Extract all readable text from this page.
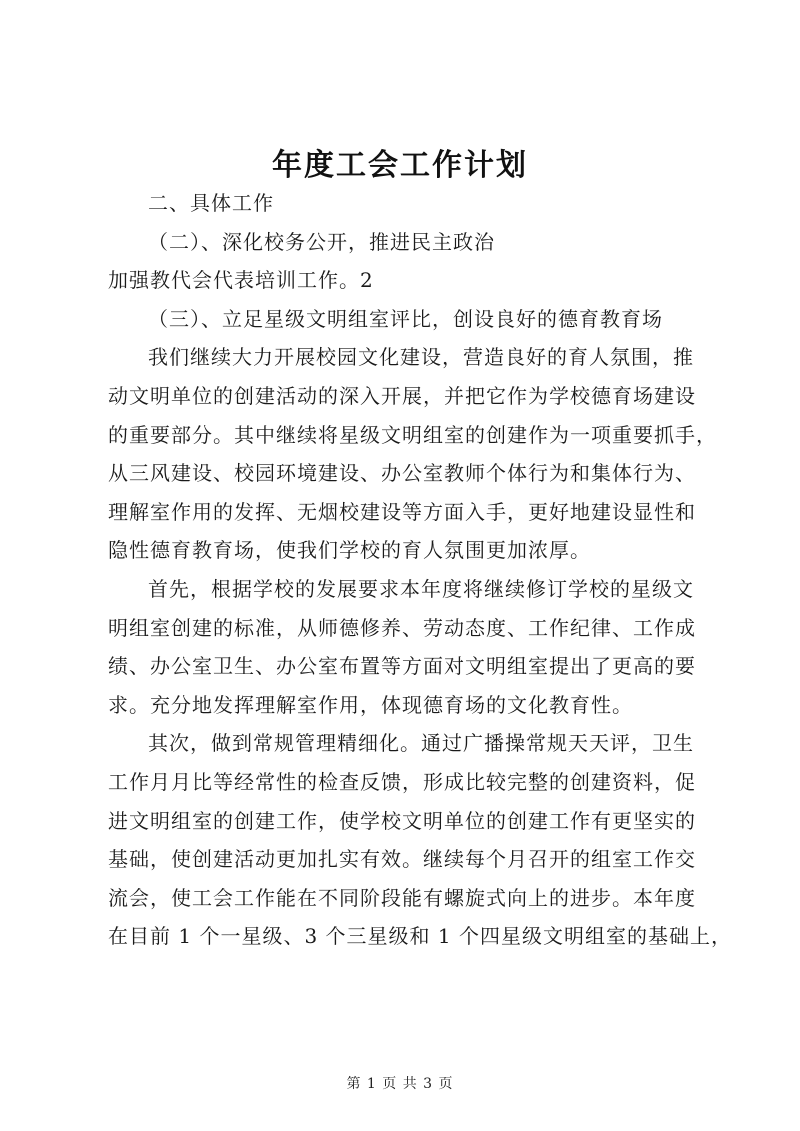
年度工会工作计划
二、具体工作
（二）、深化校务公开，推进民主政治
加强教代会代表培训工作。2
（三）、立足星级文明组室评比，创设良好的德育教育场
我们继续大力开展校园文化建设，营造良好的育人氛围，推
动文明单位的创建活动的深入开展，并把它作为学校德育场建设
的重要部分。其中继续将星级文明组室的创建作为一项重要抓手，
从三风建设、校园环境建设、办公室教师个体行为和集体行为、
理解室作用的发挥、无烟校建设等方面入手，更好地建设显性和
隐性德育教育场，使我们学校的育人氛围更加浓厚。
首先，根据学校的发展要求本年度将继续修订学校的星级文
明组室创建的标准，从师德修养、劳动态度、工作纪律、工作成
绩、办公室卫生、办公室布置等方面对文明组室提出了更高的要
求。充分地发挥理解室作用，体现德育场的文化教育性。
其次，做到常规管理精细化。通过广播操常规天天评，卫生
工作月月比等经常性的检查反馈，形成比较完整的创建资料，促
进文明组室的创建工作，使学校文明单位的创建工作有更坚实的
基础，使创建活动更加扎实有效。继续每个月召开的组室工作交
流会，使工会工作能在不同阶段能有螺旋式向上的进步。本年度
在目前 1 个一星级、3 个三星级和 1 个四星级文明组室的基础上，
第 1 页 共 3 页
